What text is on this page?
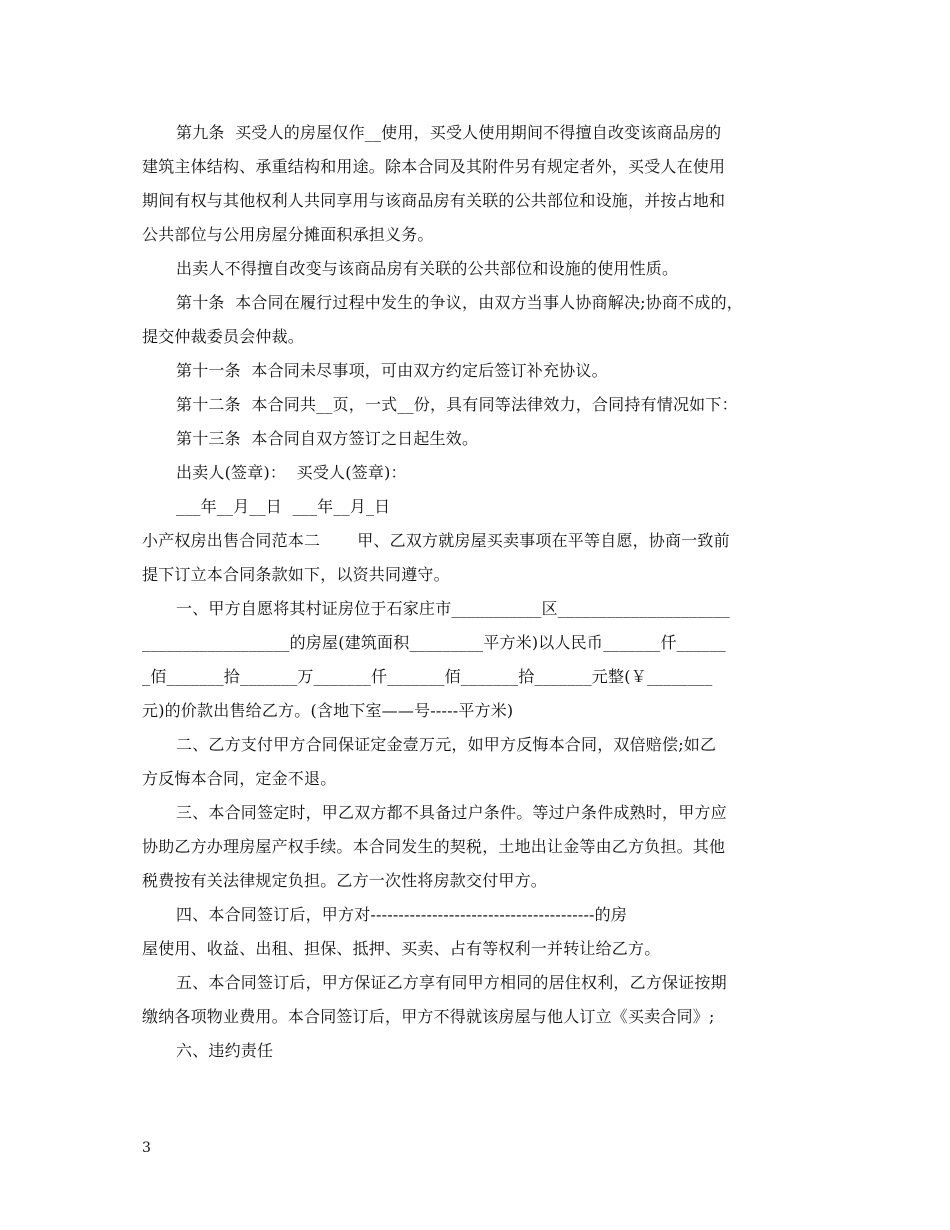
第九条  买受人的房屋仅作__使用，买受人使用期间不得擅自改变该商品房的
建筑主体结构、承重结构和用途。除本合同及其附件另有规定者外，买受人在使用
期间有权与其他权利人共同享用与该商品房有关联的公共部位和设施，并按占地和
公共部位与公用房屋分摊面积承担义务。
出卖人不得擅自改变与该商品房有关联的公共部位和设施的使用性质。
第十条  本合同在履行过程中发生的争议，由双方当事人协商解决;协商不成的，
提交仲裁委员会仲裁。
第十一条  本合同未尽事项，可由双方约定后签订补充协议。
第十二条  本合同共__页，一式__份，具有同等法律效力，合同持有情况如下：
第十三条  本合同自双方签订之日起生效。
出卖人(签章)：  买受人(签章)：
___年__月__日  ___年__月_日
小产权房出售合同范本二       甲、乙双方就房屋买卖事项在平等自愿，协商一致前
提下订立本合同条款如下，以资共同遵守。
一、甲方自愿将其村证房位于石家庄市___________区_____________________
__________________的房屋(建筑面积_________平方米)以人民币_______仟______
_佰_______拾_______万_______仟_______佰_______拾_______元整(￥________
元)的价款出售给乙方。(含地下室——号-----平方米)
二、乙方支付甲方合同保证定金壹万元，如甲方反悔本合同，双倍赔偿;如乙
方反悔本合同，定金不退。
三、本合同签定时，甲乙双方都不具备过户条件。等过户条件成熟时，甲方应
协助乙方办理房屋产权手续。本合同发生的契税，土地出让金等由乙方负担。其他
税费按有关法律规定负担。乙方一次性将房款交付甲方。
四、本合同签订后，甲方对----------------------------------------的房
屋使用、收益、出租、担保、抵押、买卖、占有等权利一并转让给乙方。
五、本合同签订后，甲方保证乙方享有同甲方相同的居住权利，乙方保证按期
缴纳各项物业费用。本合同签订后，甲方不得就该房屋与他人订立《买卖合同》;
六、违约责任
3
